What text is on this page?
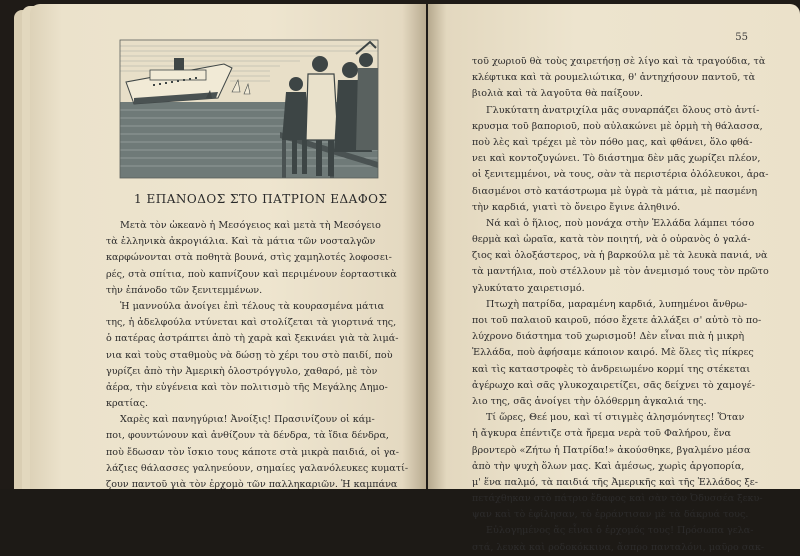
1 ΕΠΑΝΟΔΟΣ ΣΤΟ ΠΑΤΡΙΟΝ ΕΔΑΦΟΣ
Μετὰ τὸν ὠκεανὸ ἡ Μεσόγειος καὶ μετὰ τὴ Μεσόγειο
τὰ ἑλληνικὰ ἀκρογιάλια. Καὶ τὰ μάτια τῶν νοσταλγῶν
καρφώνονται στὰ ποθητὰ βουνά, στὶς χαμηλοτές λοφοσει-
ρές, στὰ σπίτια, ποὺ καπνίζουν καὶ περιμένουν ἑορταστικὰ
τὴν ἐπάνοδο τῶν ξενιτεμμένων.
Ἡ μαννούλα ἀνοίγει ἐπὶ τέλους τὰ κουρασμένα μάτια
της, ἡ ἀδελφούλα ντύνεται καὶ στολίζεται τὰ γιορτινά της,
ὁ πατέρας ἀστράπτει ἀπὸ τὴ χαρὰ καὶ ξεκινάει γιὰ τὰ λιμά-
νια καὶ τοὺς σταθμοὺς νὰ δώσῃ τὸ χέρι του στὸ παιδί, ποὺ
γυρίζει ἀπὸ τὴν Ἀμερικὴ ὁλοστρόγγυλο, χαθαρό, μὲ τὸν
ἀέρα, τὴν εὐγένεια καὶ τὸν πολιτισμὸ τῆς Μεγάλης Δημο-
κρατίας.
Χαρὲς καὶ πανηγύρια! Ἀνοίξις! Πρασινίζουν οἱ κάμ-
ποι, φουντώνουν καὶ ἀνθίζουν τὰ δένδρα, τὰ ἴδια δένδρα,
ποὺ ἔδωσαν τὸν ἴσκιο τους κάποτε στὰ μικρὰ παιδιά, οἱ γα-
λάζιες θάλασσες γαληνεύουν, σημαίες γαλανόλευκες κυματί-
ζουν παντοῦ γιὰ τὸν ἐρχομὸ τῶν παλληκαριῶν. Ἡ καμπάνα
55
τοῦ χωριοῦ θὰ τοὺς χαιρετήσῃ σὲ λίγο καὶ τὰ τραγούδια, τὰ
κλέφτικα καὶ τὰ ρουμελιώτικα, θ' ἀντηχήσουν παντοῦ, τὰ
βιολιὰ καὶ τὰ λαγοῦτα θὰ παίξουν.
Γλυκύτατη ἀνατριχίλα μᾶς συναρπάζει ὅλους στὸ ἀντί-
κρυσμα τοῦ βαποριοῦ, ποὺ αὐλακώνει μὲ ὁρμὴ τὴ θάλασσα,
ποὺ λὲς καὶ τρέχει μὲ τὸν πόθο μας, καὶ φθάνει, ὅλο φθά-
νει καὶ κοντοζυγώνει. Τὸ διάστημα δὲν μᾶς χωρίζει πλέον,
οἱ ξενιτεμμένοι, νὰ τους, σὰν τὰ περιστέρια ὁλόλευκοι, ἀρα-
διασμένοι στὸ κατάστρωμα μὲ ὑγρὰ τὰ μάτια, μὲ πασμένη
τὴν καρδιά, γιατὶ τὸ ὄνειρο ἔγινε ἀληθινό.
Νά καὶ ὁ ἥλιος, ποὺ μονάχα στὴν Ἑλλάδα λάμπει τόσο
θερμὰ καὶ ὡραῖα, κατὰ τὸν ποιητή, νὰ ὁ οὐρανὸς ὁ γαλά-
ζιος καὶ ὁλοξάστερος, νὰ ἡ βαρκούλα μὲ τὰ λευκὰ πανιά, νὰ
τὰ μαντήλια, ποὺ στέλλουν μὲ τὸν ἀνεμισμό τους τὸν πρῶτο
γλυκύτατο χαιρετισμό.
Πτωχὴ πατρίδα, μαραμένη καρδιά, λυπημένοι ἄνθρω-
ποι τοῦ παλαιοῦ καιροῦ, πόσο ἔχετε ἀλλάξει σ' αὐτὸ τὸ πο-
λύχρονο διάστημα τοῦ χωρισμοῦ! Δὲν εἶναι πιὰ ἡ μικρὴ
Ἑλλάδα, ποὺ ἀφήσαμε κάποιον καιρό. Μὲ ὅλες τὶς πίκρες
καὶ τὶς καταστροφὲς τὸ ἀνδρειωμένο κορμί της στέκεται
ἀγέρωχο καὶ σᾶς γλυκοχαιρετίζει, σᾶς δείχνει τὸ χαμογέ-
λιο της, σᾶς ἀνοίγει τὴν ὁλόθερμη ἀγκαλιά της.
Τί ὥρες, Θεέ μου, καὶ τί στιγμὲς ἀλησμόνητες! Ὅταν
ἡ ἄγκυρα ἐπέντιζε στὰ ἤρεμα νερὰ τοῦ Φαλήρου, ἕνα
βροντερὸ «Ζήτω ἡ Πατρίδα!» ἀκούσθηκε, βγαλμένο μέσα
ἀπὸ τὴν ψυχὴ ὅλων μας. Καὶ ἀμέσως, χωρὶς ἀργοπορία,
μ' ἕνα παλμό, τὰ παιδιά τῆς Ἀμερικῆς καὶ τῆς Ἑλλάδος ξε-
πετάχθηκαν στὸ πάτριο ἔδαφος καὶ σὰν τὸν Ὀδυσσέα ξεκυ-
ψαν καὶ τὸ ἐφίλησαν, τὸ ἐρράντισαν μὲ τὰ δάκρυά τους.
Εὐλογημένος ἄς εἶναι ὁ ἐρχομός τους! Πρόσωπα γελα-
στά, λευκὰ καὶ ροδοκόκκινα, ἄσπρο πανταλόνι, μαῦρο σακ-
